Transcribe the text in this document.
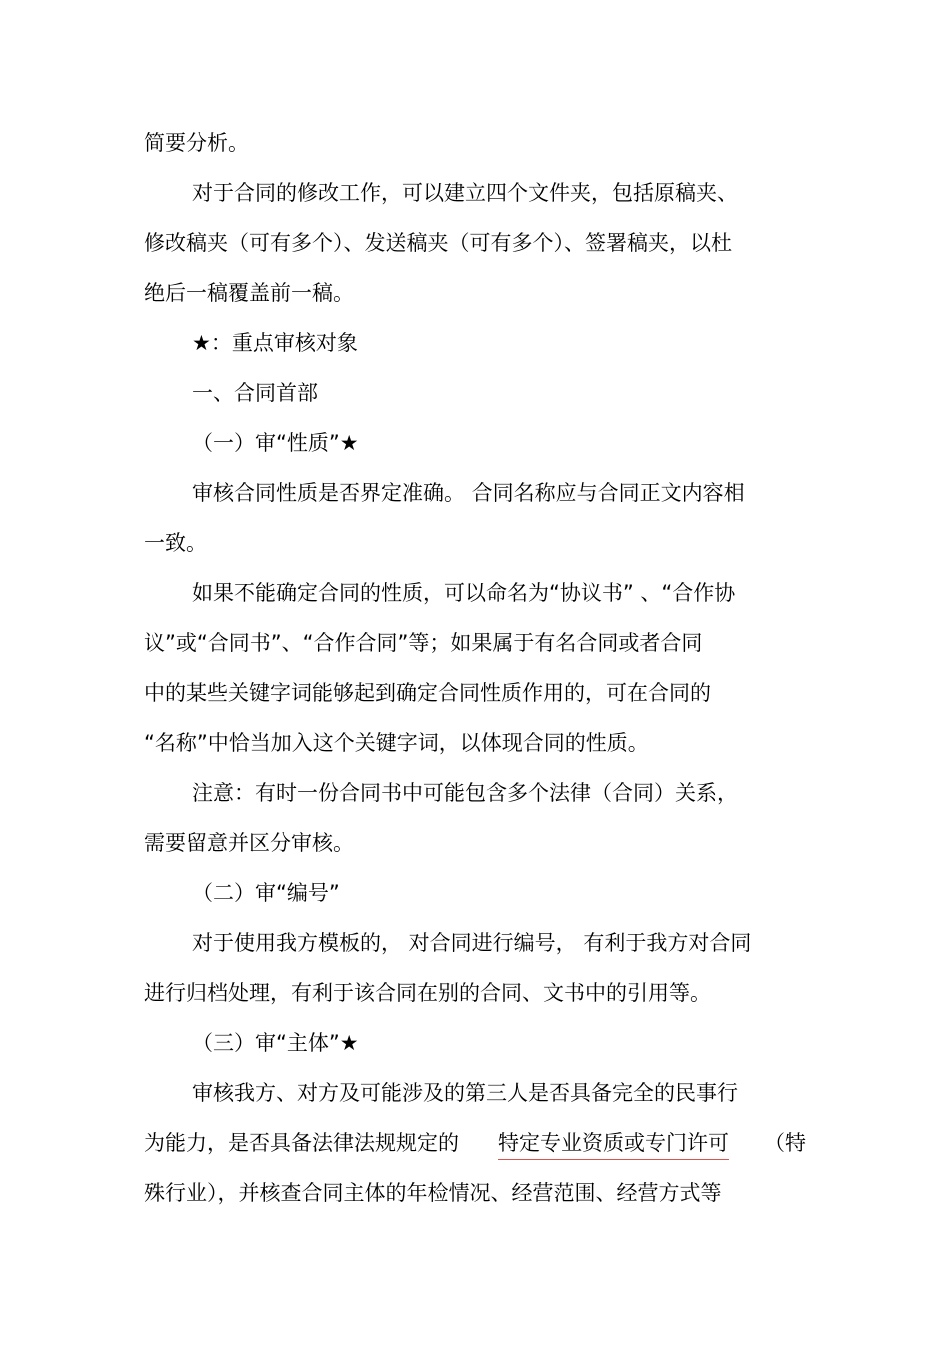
简要分析。
对于合同的修改工作，可以建立四个文件夹，包括原稿夹、
修改稿夹（可有多个）、发送稿夹（可有多个）、签署稿夹，以杜
绝后一稿覆盖前一稿。
★：重点审核对象
一、合同首部
（一）审“性质”★
审核合同性质是否界定准确。 合同名称应与合同正文内容相
一致。
如果不能确定合同的性质，可以命名为“协议书” 、“合作协
议”或“合同书”、“合作合同”等；如果属于有名合同或者合同
中的某些关键字词能够起到确定合同性质作用的，可在合同的
“名称”中恰当加入这个关键字词，以体现合同的性质。
注意：有时一份合同书中可能包含多个法律（合同）关系，
需要留意并区分审核。
（二）审“编号”
对于使用我方模板的， 对合同进行编号， 有利于我方对合同
进行归档处理，有利于该合同在别的合同、文书中的引用等。
（三）审“主体”★
审核我方、对方及可能涉及的第三人是否具备完全的民事行
为能力，是否具备法律法规规定的 特定专业资质或专门许可 （特
殊行业），并核查合同主体的年检情况、经营范围、经营方式等
